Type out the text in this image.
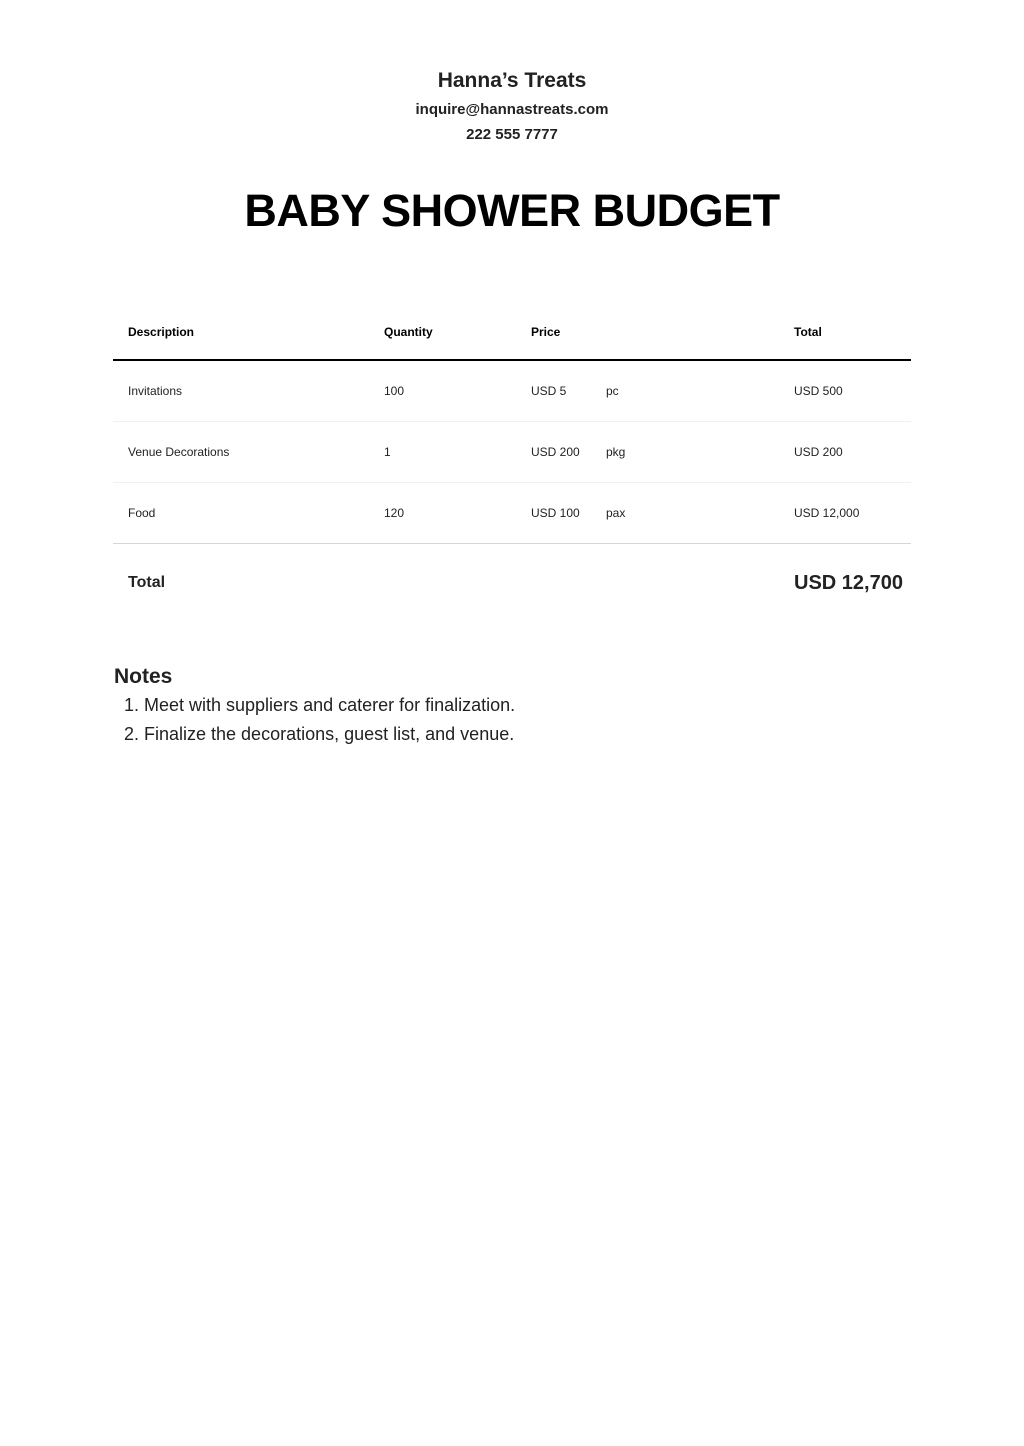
Hanna’s Treats

inquire@hannastreats.com

222 555 7777

BABY SHOWER BUDGET
Description	Quantity	Price		Total
Invitations	100	USD 5	pc	USD 500
Venue Decorations	1	USD 200	pkg	USD 200
Food	120	USD 100	pax	USD 12,000
Total				USD 12,700
Notes
1. Meet with suppliers and caterer for finalization.
2. Finalize the decorations, guest list, and venue.
